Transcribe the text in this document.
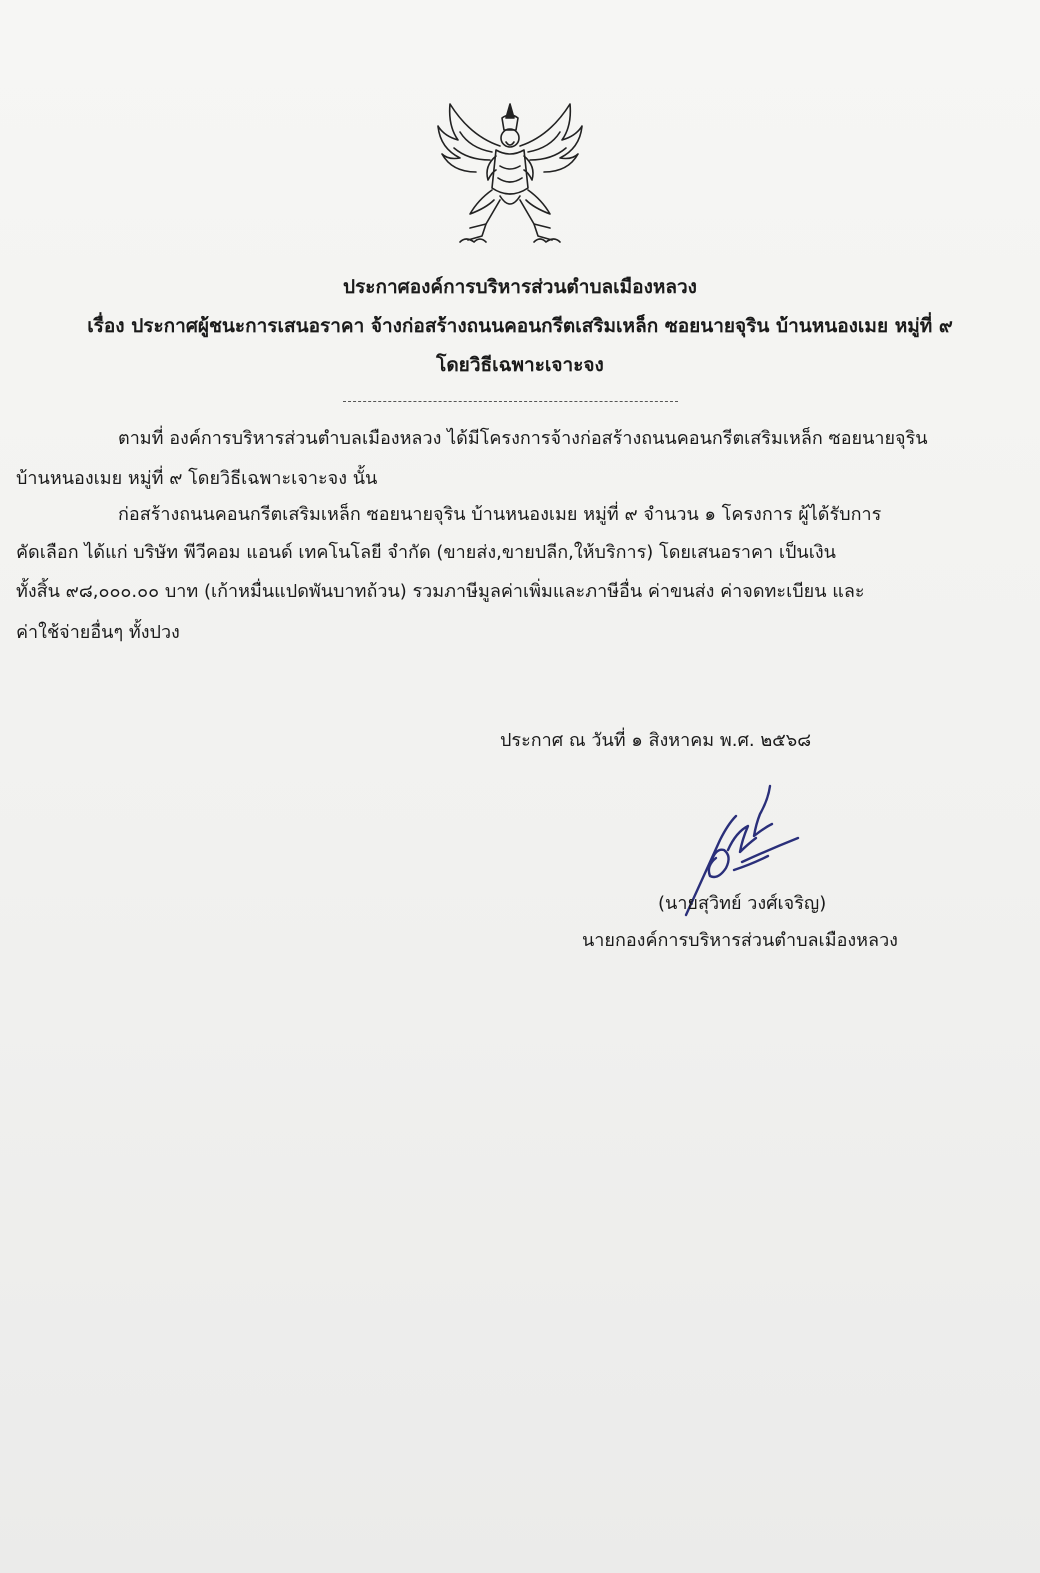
ประกาศองค์การบริหารส่วนตำบลเมืองหลวง
เรื่อง ประกาศผู้ชนะการเสนอราคา จ้างก่อสร้างถนนคอนกรีตเสริมเหล็ก ซอยนายจุริน บ้านหนองเมย หมู่ที่ ๙
โดยวิธีเฉพาะเจาะจง
ตามที่ องค์การบริหารส่วนตำบลเมืองหลวง ได้มีโครงการจ้างก่อสร้างถนนคอนกรีตเสริมเหล็ก ซอยนายจุริน
บ้านหนองเมย หมู่ที่ ๙ โดยวิธีเฉพาะเจาะจง นั้น
ก่อสร้างถนนคอนกรีตเสริมเหล็ก ซอยนายจุริน บ้านหนองเมย หมู่ที่ ๙ จำนวน ๑ โครงการ ผู้ได้รับการ
คัดเลือก ได้แก่ บริษัท พีวีคอม แอนด์ เทคโนโลยี จำกัด (ขายส่ง,ขายปลีก,ให้บริการ) โดยเสนอราคา เป็นเงิน
ทั้งสิ้น ๙๘,๐๐๐.๐๐ บาท (เก้าหมื่นแปดพันบาทถ้วน) รวมภาษีมูลค่าเพิ่มและภาษีอื่น ค่าขนส่ง ค่าจดทะเบียน และ
ค่าใช้จ่ายอื่นๆ ทั้งปวง
ประกาศ ณ วันที่ ๑ สิงหาคม พ.ศ. ๒๕๖๘
(นายสุวิทย์ วงศ์เจริญ)
นายกองค์การบริหารส่วนตำบลเมืองหลวง
